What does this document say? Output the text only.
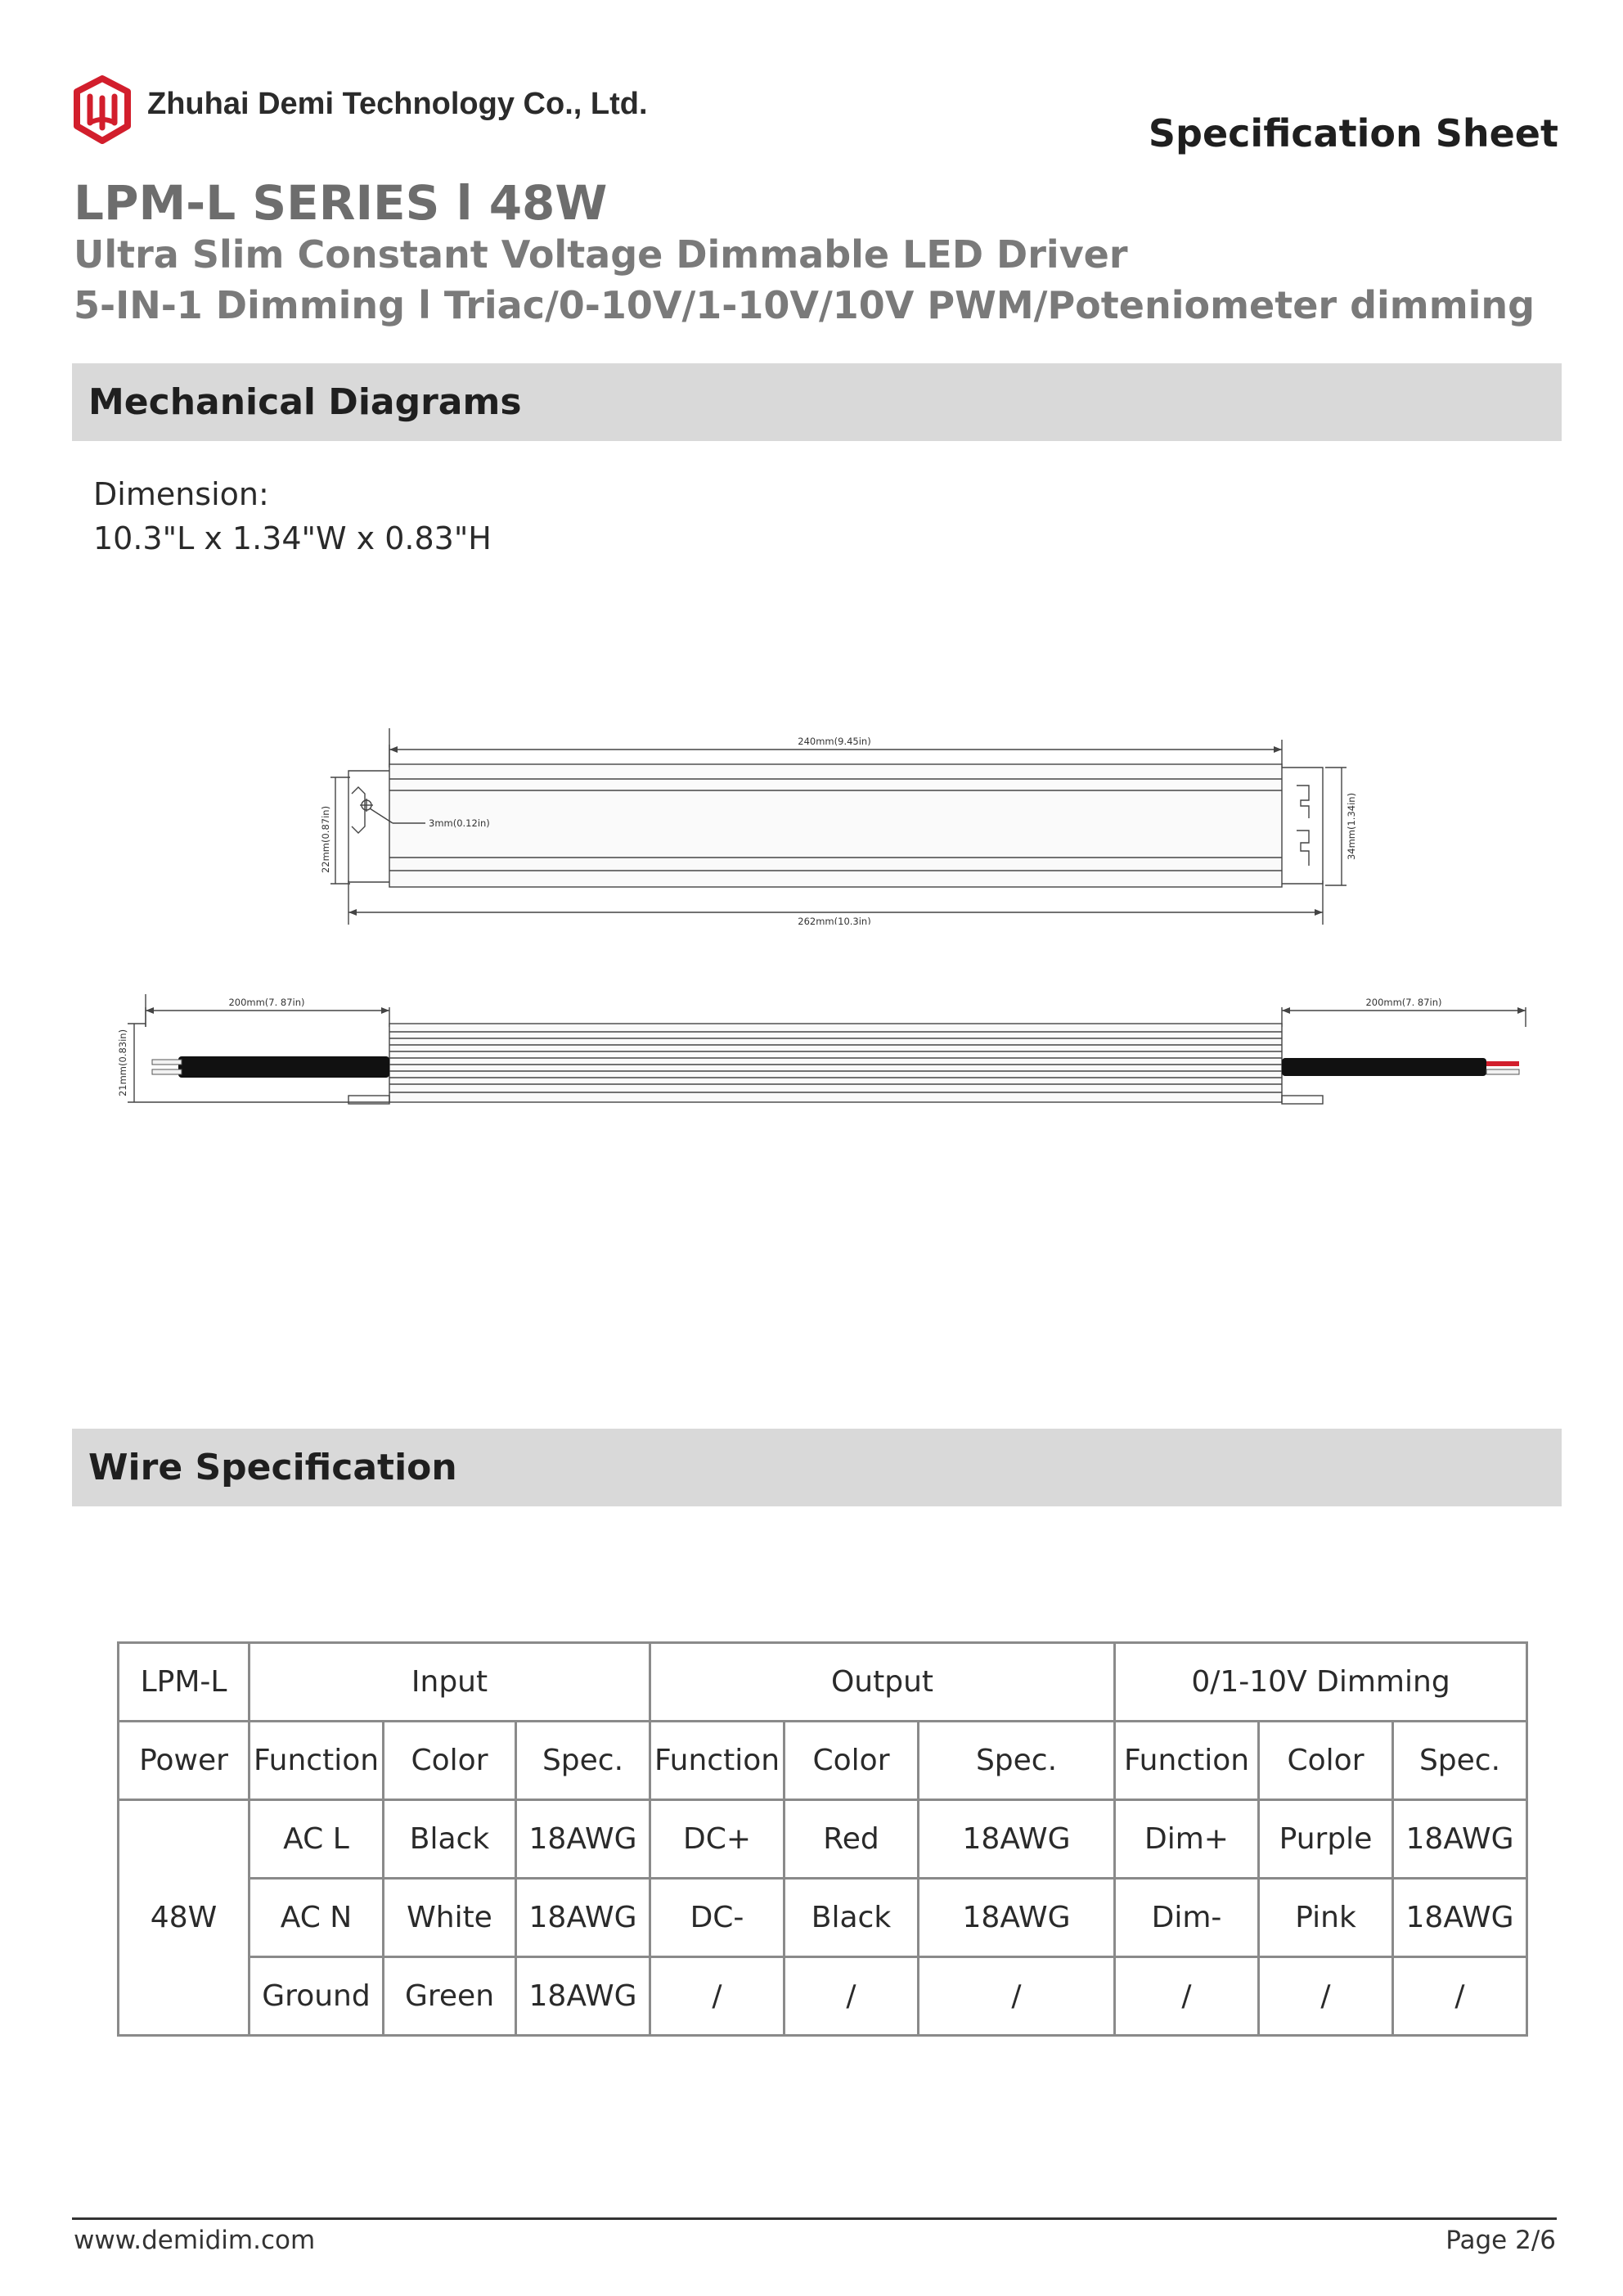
Zhuhai Demi Technology Co., Ltd.
Specification Sheet
LPM-L SERIES l 48W
Ultra Slim Constant Voltage Dimmable LED Driver
5-IN-1 Dimming l Triac/0-10V/1-10V/10V PWM/Poteniometer dimming
Mechanical Diagrams
Dimension:
10.3"L x 1.34"W x 0.83"H
240mm(9.45in)
3mm(0.12in)
262mm(10.3in)
22mm(0.87in)	34mm(1.34in)
200mm(7. 87in)	200mm(7. 87in)
21mm(0.83in)
Wire Specification
LPM-L	Input			Output			0/1-10V Dimming		
Power	Function	Color	Spec.	Function	Color	Spec.	Function	Color	Spec.
48W	AC L	Black	18AWG	DC+	Red	18AWG	Dim+	Purple	18AWG
	AC N	White	18AWG	DC-	Black	18AWG	Dim-	Pink	18AWG
	Ground	Green	18AWG	/	/	/	/	/	/
www.demidim.com	Page 2/6
